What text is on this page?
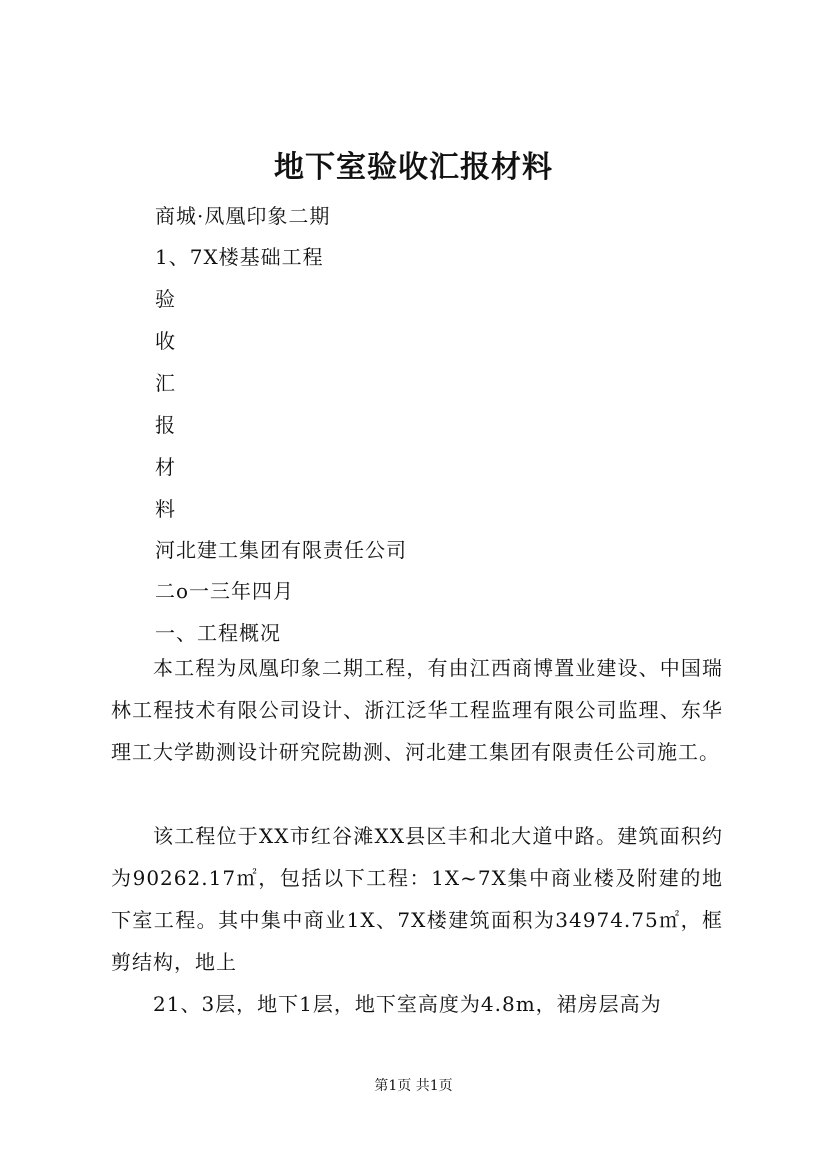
地下室验收汇报材料
商城·凤凰印象二期
1、7X楼基础工程
验
收
汇
报
材
料
河北建工集团有限责任公司
二o一三年四月
一、工程概况

本工程为凤凰印象二期工程，有由江西商博置业建设、中国瑞林工程技术有限公司设计、浙江泛华工程监理有限公司监理、东华理工大学勘测设计研究院勘测、河北建工集团有限责任公司施工。

该工程位于XX市红谷滩XX县区丰和北大道中路。建筑面积约为90262.17㎡，包括以下工程：1X~7X集中商业楼及附建的地下室工程。其中集中商业1X、7X楼建筑面积为34974.75㎡，框剪结构，地上

21、3层，地下1层，地下室高度为4.8m，裙房层高为

第1页 共1页
